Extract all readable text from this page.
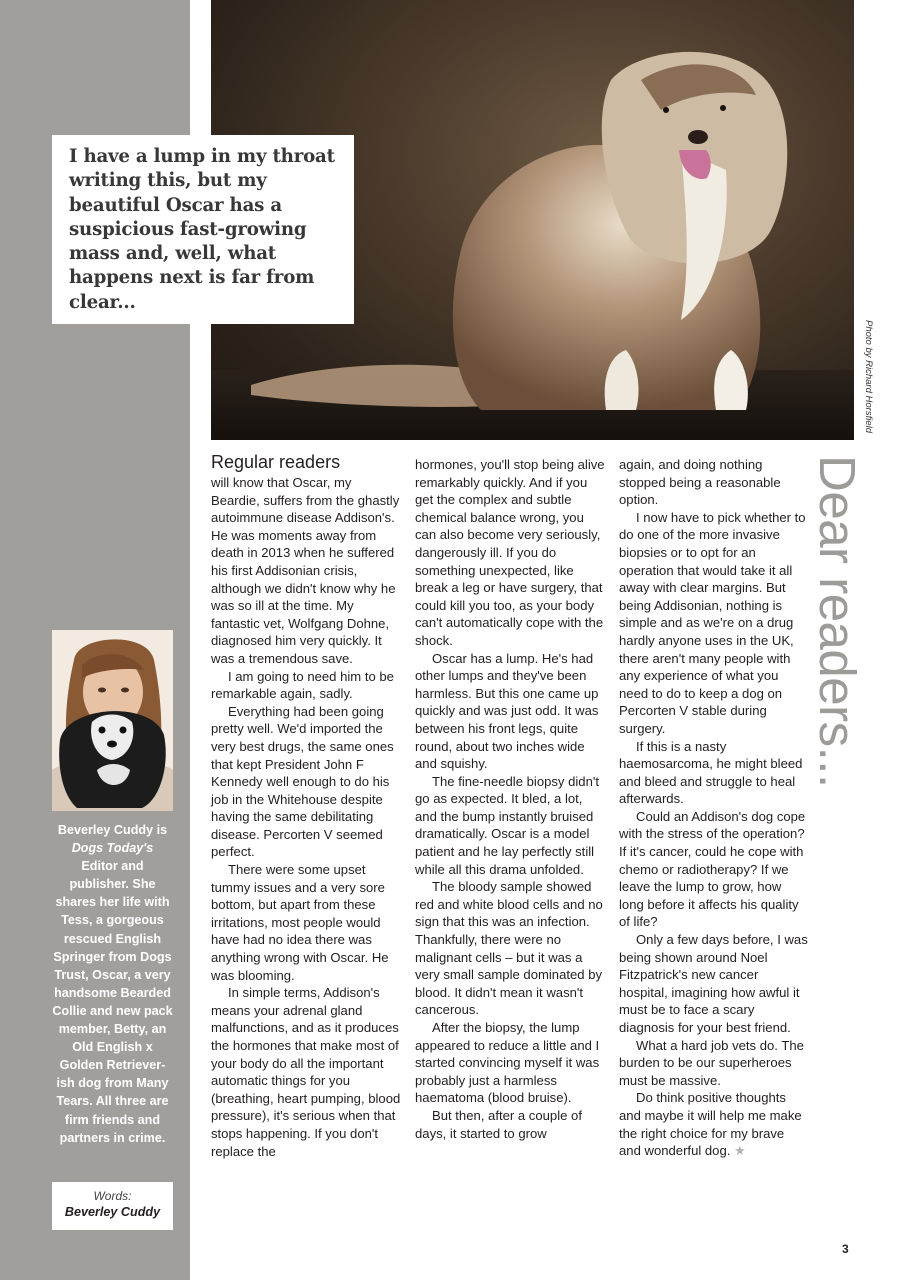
Photo by Richard Horsfield

I have a lump in my throat writing this, but my beautiful Oscar has a suspicious fast-growing mass and, well, what happens next is far from clear...

Beverley Cuddy is Dogs Today's Editor and publisher. She shares her life with Tess, a gorgeous rescued English Springer from Dogs Trust, Oscar, a very handsome Bearded Collie and new pack member, Betty, an Old English x Golden Retriever-ish dog from Many Tears. All three are firm friends and partners in crime.

Words:
Beverley Cuddy
Dear readers...
Regular readers

will know that Oscar, my Beardie, suffers from the ghastly autoimmune disease Addison's. He was moments away from death in 2013 when he suffered his first Addisonian crisis, although we didn't know why he was so ill at the time. My fantastic vet, Wolfgang Dohne, diagnosed him very quickly. It was a tremendous save.

I am going to need him to be remarkable again, sadly.

Everything had been going pretty well. We'd imported the very best drugs, the same ones that kept President John F Kennedy well enough to do his job in the Whitehouse despite having the same debilitating disease. Percorten V seemed perfect.

There were some upset tummy issues and a very sore bottom, but apart from these irritations, most people would have had no idea there was anything wrong with Oscar. He was blooming.

In simple terms, Addison's means your adrenal gland malfunctions, and as it produces the hormones that make most of your body do all the important automatic things for you (breathing, heart pumping, blood pressure), it's serious when that stops happening. If you don't replace the

hormones, you'll stop being alive remarkably quickly. And if you get the complex and subtle chemical balance wrong, you can also become very seriously, dangerously ill. If you do something unexpected, like break a leg or have surgery, that could kill you too, as your body can't automatically cope with the shock.

Oscar has a lump. He's had other lumps and they've been harmless. But this one came up quickly and was just odd. It was between his front legs, quite round, about two inches wide and squishy.

The fine-needle biopsy didn't go as expected. It bled, a lot, and the bump instantly bruised dramatically. Oscar is a model patient and he lay perfectly still while all this drama unfolded.

The bloody sample showed red and white blood cells and no sign that this was an infection. Thankfully, there were no malignant cells – but it was a very small sample dominated by blood. It didn't mean it wasn't cancerous.

After the biopsy, the lump appeared to reduce a little and I started convincing myself it was probably just a harmless haematoma (blood bruise).

But then, after a couple of days, it started to grow

again, and doing nothing stopped being a reasonable option.

I now have to pick whether to do one of the more invasive biopsies or to opt for an operation that would take it all away with clear margins. But being Addisonian, nothing is simple and as we're on a drug hardly anyone uses in the UK, there aren't many people with any experience of what you need to do to keep a dog on Percorten V stable during surgery.

If this is a nasty haemosarcoma, he might bleed and bleed and struggle to heal afterwards.

Could an Addison's dog cope with the stress of the operation? If it's cancer, could he cope with chemo or radiotherapy? If we leave the lump to grow, how long before it affects his quality of life?

Only a few days before, I was being shown around Noel Fitzpatrick's new cancer hospital, imagining how awful it must be to face a scary diagnosis for your best friend.

What a hard job vets do. The burden to be our superheroes must be massive.

Do think positive thoughts and maybe it will help me make the right choice for my brave and wonderful dog. ★

3
